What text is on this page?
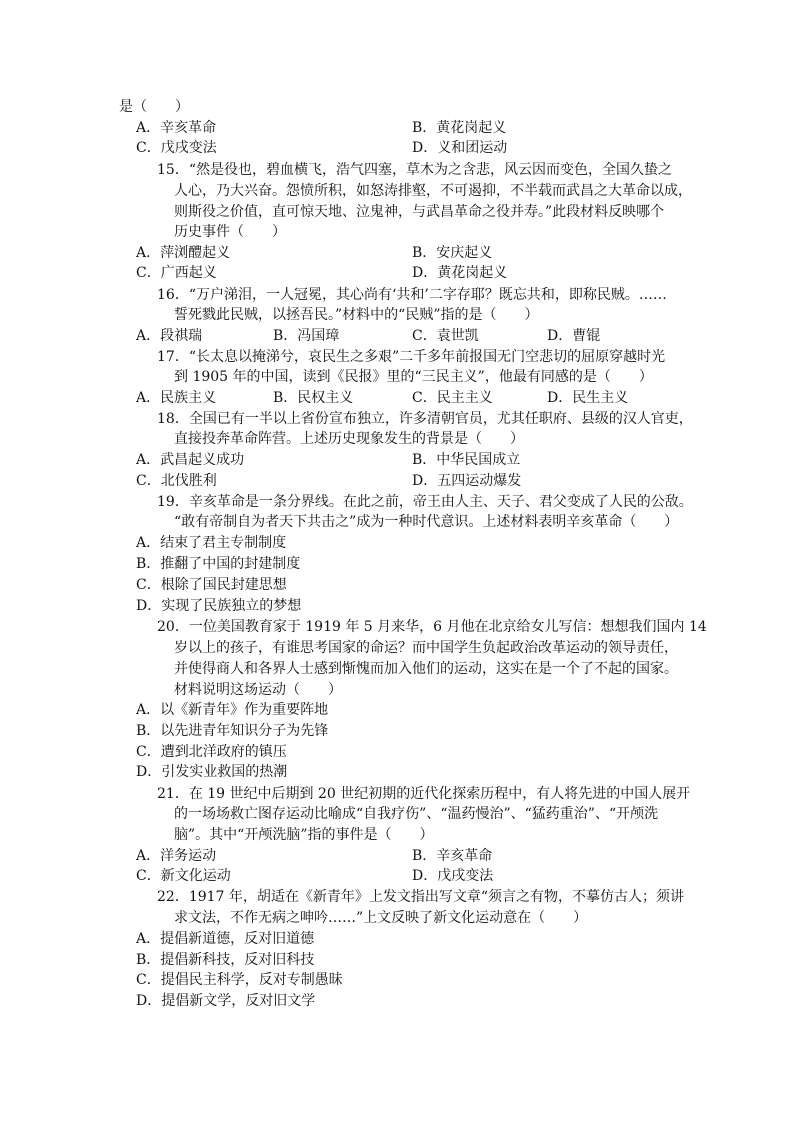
是（　　）
A．辛亥革命	B．黄花岗起义
C．戊戌变法	D．义和团运动
15．“然是役也，碧血横飞，浩气四塞，草木为之含悲，风云因而变色，全国久蛰之
人心，乃大兴奋。怨愤所积，如怒涛排壑，不可遏抑，不半载而武昌之大革命以成，
则斯役之价值，直可惊天地、泣鬼神，与武昌革命之役并寿。”此段材料反映哪个
历史事件（　　）
A．萍浏醴起义	B．安庆起义
C．广西起义	D．黄花岗起义
16．“万户涕泪，一人冠冕，其心尚有‘共和’二字存耶？既忘共和，即称民贼。……
誓死戮此民贼，以拯吾民。”材料中的“民贼”指的是（　　）
A．段祺瑞	B．冯国璋	C．袁世凯	D．曹锟
17．“长太息以掩涕兮，哀民生之多艰”二千多年前报国无门空悲切的屈原穿越时光
到 1905 年的中国，读到《民报》里的“三民主义”，他最有同感的是（　　）
A．民族主义	B．民权主义	C．民主主义	D．民生主义
18．全国已有一半以上省份宣布独立，许多清朝官员，尤其任职府、县级的汉人官吏，
直接投奔革命阵营。上述历史现象发生的背景是（　　）
A．武昌起义成功	B．中华民国成立
C．北伐胜利	D．五四运动爆发
19．辛亥革命是一条分界线。在此之前，帝王由人主、天子、君父变成了人民的公敌。
“敢有帝制自为者天下共击之”成为一种时代意识。上述材料表明辛亥革命（　　）
A．结束了君主专制制度
B．推翻了中国的封建制度
C．根除了国民封建思想
D．实现了民族独立的梦想
20．一位美国教育家于 1919 年 5 月来华，6 月他在北京给女儿写信：想想我们国内 14
岁以上的孩子，有谁思考国家的命运？而中国学生负起政治改革运动的领导责任，
并使得商人和各界人士感到惭愧而加入他们的运动，这实在是一个了不起的国家。
材料说明这场运动（　　）
A．以《新青年》作为重要阵地
B．以先进青年知识分子为先锋
C．遭到北洋政府的镇压
D．引发实业救国的热潮
21．在 19 世纪中后期到 20 世纪初期的近代化探索历程中，有人将先进的中国人展开
的一场场救亡图存运动比喻成“自我疗伤”、“温药慢治”、“猛药重治”、“开颅洗
脑”。其中“开颅洗脑”指的事件是（　　）
A．洋务运动	B．辛亥革命
C．新文化运动	D．戊戌变法
22．1917 年，胡适在《新青年》上发文指出写文章“须言之有物，不摹仿古人；须讲
求文法，不作无病之呻吟……”上文反映了新文化运动意在（　　）
A．提倡新道德，反对旧道德
B．提倡新科技，反对旧科技
C．提倡民主科学，反对专制愚昧
D．提倡新文学，反对旧文学
